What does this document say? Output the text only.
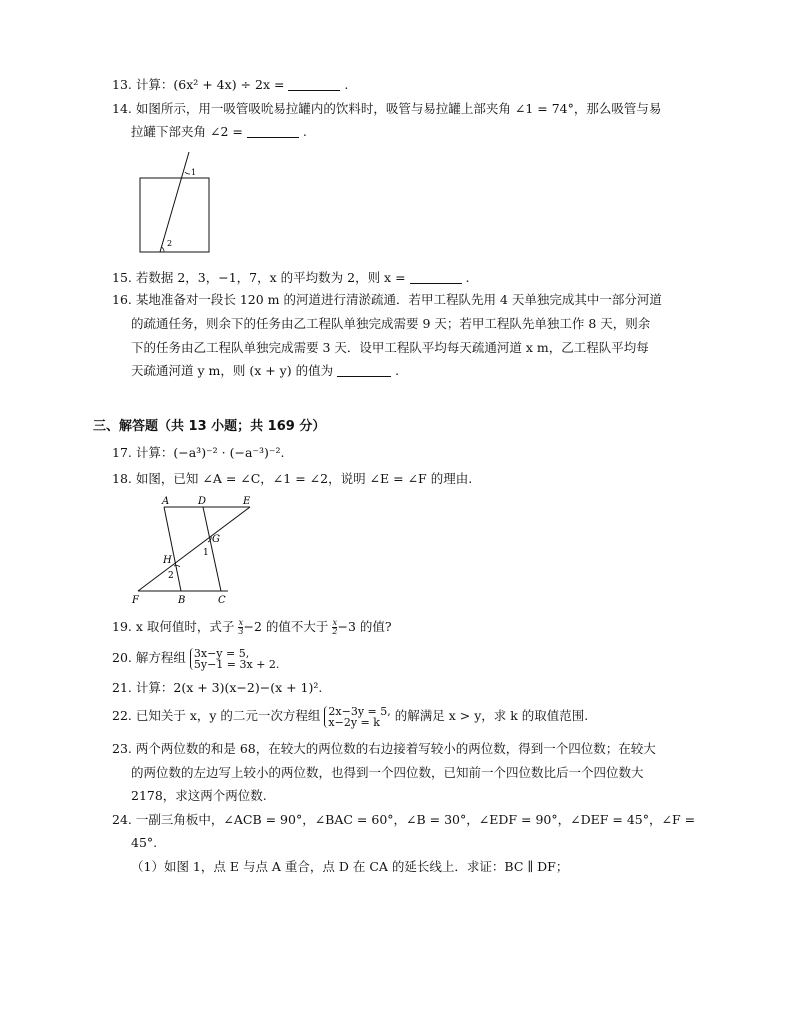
13. 计算：(6x² + 4x) ÷ 2x =	.
14. 如图所示，用一吸管吸吮易拉罐内的饮料时，吸管与易拉罐上部夹角 ∠1 = 74°，那么吸管与易
拉罐下部夹角 ∠2 =	.
1
2
15. 若数据 2，3，−1，7，x 的平均数为 2，则 x =	.
16. 某地准备对一段长 120 m 的河道进行清淤疏通．若甲工程队先用 4 天单独完成其中一部分河道
的疏通任务，则余下的任务由乙工程队单独完成需要 9 天；若甲工程队先单独工作 8 天，则余
下的任务由乙工程队单独完成需要 3 天．设甲工程队平均每天疏通河道 x m，乙工程队平均每
天疏通河道 y m，则 (x + y) 的值为	.
三、解答题（共 13 小题；共 169 分）
17. 计算：(−a³)⁻² · (−a⁻³)⁻².
18. 如图，已知 ∠A = ∠C，∠1 = ∠2，说明 ∠E = ∠F 的理由.
A	D	E
G
H
1
2
F	B	C
19. x 取何值时，式子 $\frac{x}{3} -2$ 的值不大于 $\frac{x}{2} -3$ 的值?
20. 解方程组 3x−y = 5,
5y−1 = 3x + 2.
21. 计算：2(x + 3)(x−2)−(x + 1)².
22. 已知关于 x，y 的二元一次方程组 2x−3y = 5,
x−2y = k	的解满足 x > y，求 k 的取值范围.
23. 两个两位数的和是 68，在较大的两位数的右边接着写较小的两位数，得到一个四位数；在较大
的两位数的左边写上较小的两位数，也得到一个四位数，已知前一个四位数比后一个四位数大
2178，求这两个两位数.
24. 一副三角板中，∠ACB = 90°，∠BAC = 60°，∠B = 30°，∠EDF = 90°，∠DEF = 45°，∠F =
45°.
（1）如图 1，点 E 与点 A 重合，点 D 在 CA 的延长线上．求证：BC ∥ DF；
